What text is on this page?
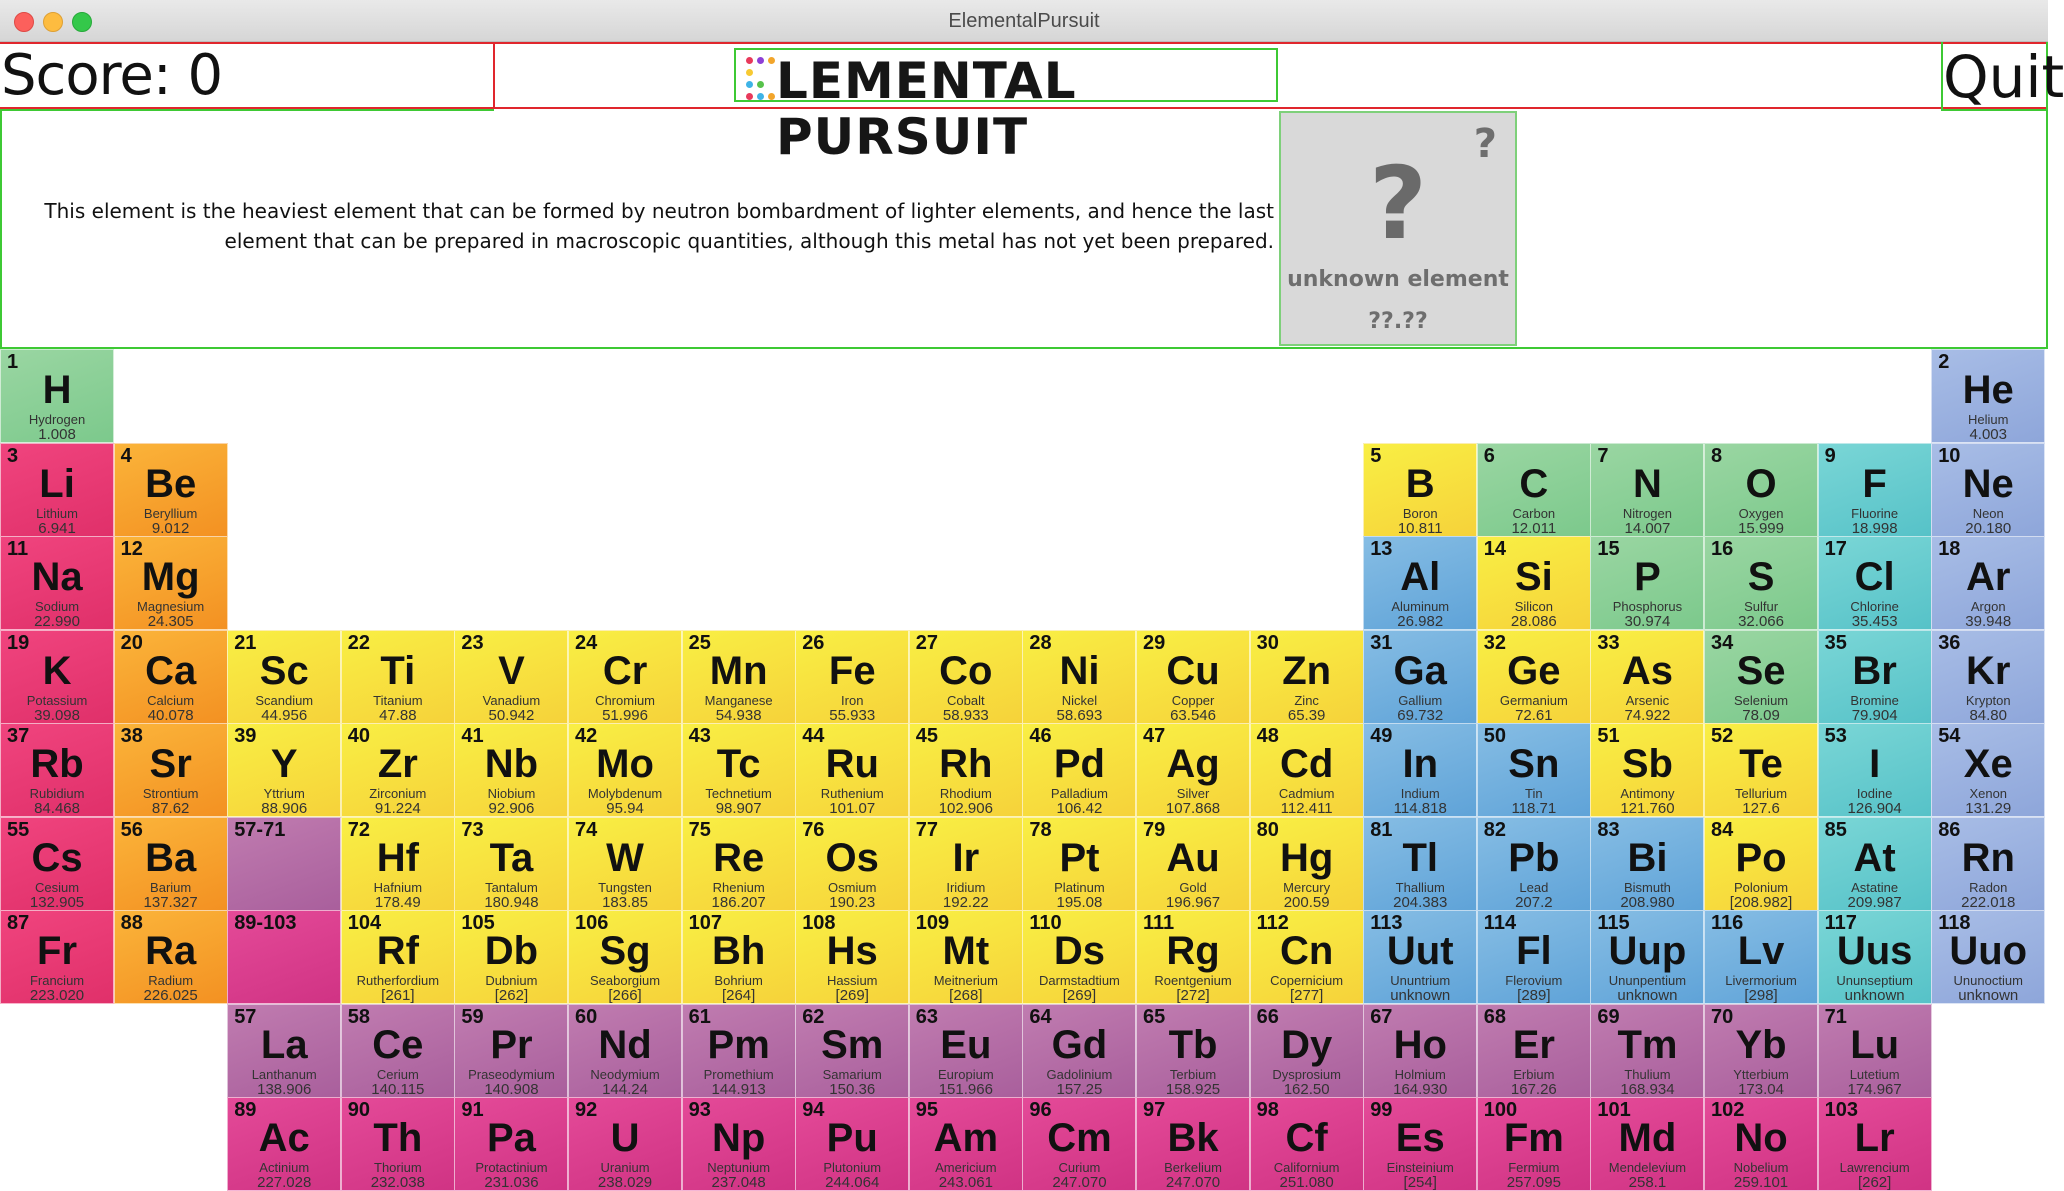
ElementalPursuit
Score: 0	LEMENTAL PURSUIT
Quit
This element is the heaviest element that can be formed by neutron bombardment of lighter elements, and hence the last element that can be prepared in macroscopic quantities, although this metal has not yet been prepared.
?
?
unknown element
??.??
1
H
Hydrogen
1.008
2
He
Helium
4.003
3
Li
Lithium
6.941
4
Be
Beryllium
9.012
5
B
Boron
10.811
6
C
Carbon
12.011
7
N
Nitrogen
14.007
8
O
Oxygen
15.999
9
F
Fluorine
18.998
10
Ne
Neon
20.180
11
Na
Sodium
22.990
12
Mg
Magnesium
24.305
13
Al
Aluminum
26.982
14
Si
Silicon
28.086
15
P
Phosphorus
30.974
16
S
Sulfur
32.066
17
Cl
Chlorine
35.453
18
Ar
Argon
39.948
19
K
Potassium
39.098
20
Ca
Calcium
40.078
21
Sc
Scandium
44.956
22
Ti
Titanium
47.88
23
V
Vanadium
50.942
24
Cr
Chromium
51.996
25
Mn
Manganese
54.938
26
Fe
Iron
55.933
27
Co
Cobalt
58.933
28
Ni
Nickel
58.693
29
Cu
Copper
63.546
30
Zn
Zinc
65.39
31
Ga
Gallium
69.732
32
Ge
Germanium
72.61
33
As
Arsenic
74.922
34
Se
Selenium
78.09
35
Br
Bromine
79.904
36
Kr
Krypton
84.80
37
Rb
Rubidium
84.468
38
Sr
Strontium
87.62
39
Y
Yttrium
88.906
40
Zr
Zirconium
91.224
41
Nb
Niobium
92.906
42
Mo
Molybdenum
95.94
43
Tc
Technetium
98.907
44
Ru
Ruthenium
101.07
45
Rh
Rhodium
102.906
46
Pd
Palladium
106.42
47
Ag
Silver
107.868
48
Cd
Cadmium
112.411
49
In
Indium
114.818
50
Sn
Tin
118.71
51
Sb
Antimony
121.760
52
Te
Tellurium
127.6
53
I
Iodine
126.904
54
Xe
Xenon
131.29
55
Cs
Cesium
132.905
56
Ba
Barium
137.327
57-71	72
Hf
Hafnium
178.49
73
Ta
Tantalum
180.948
74
W
Tungsten
183.85
75
Re
Rhenium
186.207
76
Os
Osmium
190.23
77
Ir
Iridium
192.22
78
Pt
Platinum
195.08
79
Au
Gold
196.967
80
Hg
Mercury
200.59
81
Tl
Thallium
204.383
82
Pb
Lead
207.2
83
Bi
Bismuth
208.980
84
Po
Polonium
[208.982]
85
At
Astatine
209.987
86
Rn
Radon
222.018
87
Fr
Francium
223.020
88
Ra
Radium
226.025
89-103	104
Rf
Rutherfordium
[261]
105
Db
Dubnium
[262]
106
Sg
Seaborgium
[266]
107
Bh
Bohrium
[264]
108
Hs
Hassium
[269]
109
Mt
Meitnerium
[268]
110
Ds
Darmstadtium
[269]
111
Rg
Roentgenium
[272]
112
Cn
Copernicium
[277]
113
Uut
Ununtrium
unknown
114
Fl
Flerovium
[289]
115
Uup
Ununpentium
unknown
116
Lv
Livermorium
[298]
117
Uus
Ununseptium
unknown
118
Uuo
Ununoctium
unknown
57
La
Lanthanum
138.906
58
Ce
Cerium
140.115
59
Pr
Praseodymium
140.908
60
Nd
Neodymium
144.24
61
Pm
Promethium
144.913
62
Sm
Samarium
150.36
63
Eu
Europium
151.966
64
Gd
Gadolinium
157.25
65
Tb
Terbium
158.925
66
Dy
Dysprosium
162.50
67
Ho
Holmium
164.930
68
Er
Erbium
167.26
69
Tm
Thulium
168.934
70
Yb
Ytterbium
173.04
71
Lu
Lutetium
174.967
89
Ac
Actinium
227.028
90
Th
Thorium
232.038
91
Pa
Protactinium
231.036
92
U
Uranium
238.029
93
Np
Neptunium
237.048
94
Pu
Plutonium
244.064
95
Am
Americium
243.061
96
Cm
Curium
247.070
97
Bk
Berkelium
247.070
98
Cf
Californium
251.080
99
Es
Einsteinium
[254]
100
Fm
Fermium
257.095
101
Md
Mendelevium
258.1
102
No
Nobelium
259.101
103
Lr
Lawrencium
[262]
